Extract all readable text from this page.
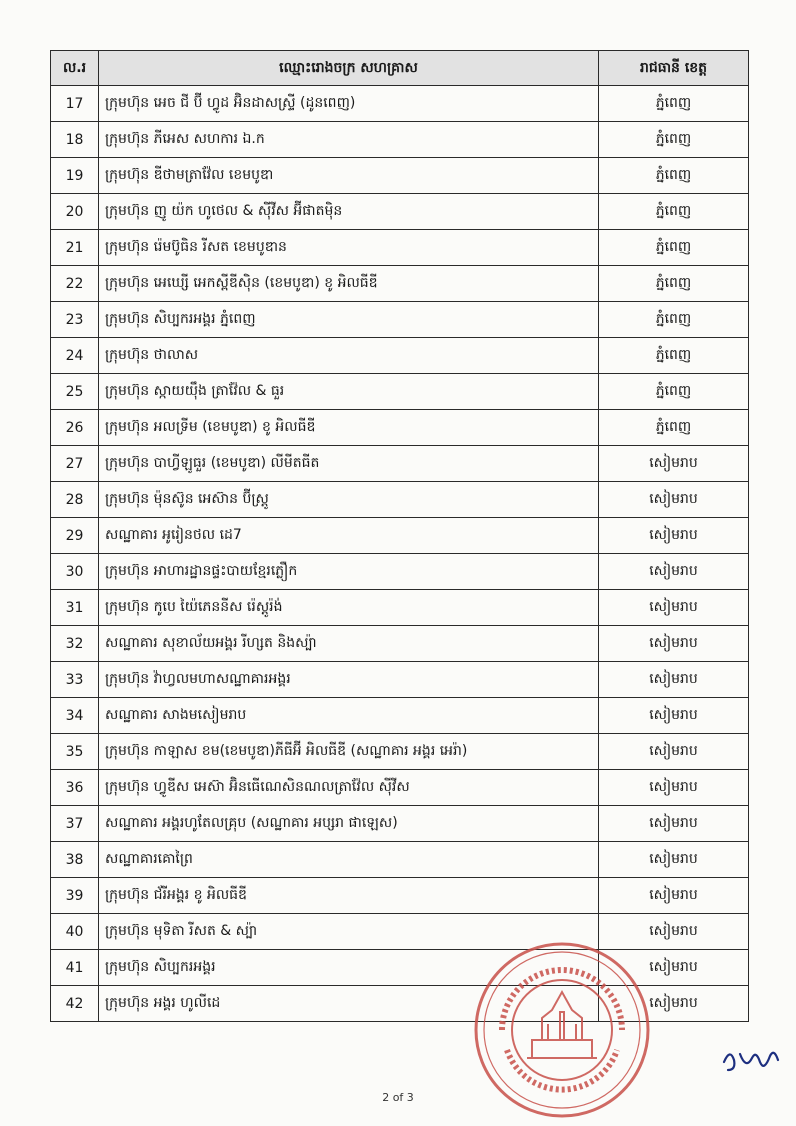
ល.រ	ឈ្មោះរោងចក្រ សហគ្រាស	រាជធានី ខេត្ត
17	ក្រុមហ៊ុន អេច ជី ប៊ី ហ្វូដ អ៊ិនដាសស្ទ្រី (ដូនពេញ)	ភ្នំពេញ
18	ក្រុមហ៊ុន ភីអេស សហការ ឯ.ក	ភ្នំពេញ
19	ក្រុមហ៊ុន ឌីថាមត្រាវ៉ែល ខេមបូឌា	ភ្នំពេញ
20	ក្រុមហ៊ុន ញូ យ៉ក ហូថេល & ស៊ីវីស អ៊ីផាតម៉ិន	ភ្នំពេញ
21	ក្រុមហ៊ុន រ៉េមប៊ូធិន រីសត ខេមបូឌាន	ភ្នំពេញ
22	ក្រុមហ៊ុន អេឃ្សើ អេកស្ពីឌីស៊ិន (ខេមបូឌា) ខូ អិលធីឌី	ភ្នំពេញ
23	ក្រុមហ៊ុន សិប្បករអង្គរ ភ្នំពេញ	ភ្នំពេញ
24	ក្រុមហ៊ុន ថាលាស	ភ្នំពេញ
25	ក្រុមហ៊ុន ស្កាយយ៉ឹង ត្រាវ៉ែល & ធួរ	ភ្នំពេញ
26	ក្រុមហ៊ុន អលទ្រីម (ខេមបូឌា) ខូ អិលធីឌី	ភ្នំពេញ
27	ក្រុមហ៊ុន បាហ្វីឡូធួរ (ខេមបូឌា) លីមីតធីត	សៀមរាប
28	ក្រុមហ៊ុន ម៉ុនស៊ូន អេស៊ាន ប៊ីស្ត្រូ	សៀមរាប
29	សណ្ឋាគារ អូរៀនថល ដេ7	សៀមរាប
30	ក្រុមហ៊ុន អាហារដ្ឋានផ្ទះបាយខ្មែរភ្លឿក	សៀមរាប
31	ក្រុមហ៊ុន កូបេ យ៉ៃភេននីស រ៉េស្តូរ៉ង់	សៀមរាប
32	សណ្ឋាគារ សុខាល័យអង្គរ រីហ្សត និងស្ប៉ា	សៀមរាប
33	ក្រុមហ៊ុន វ៉ាហ្វលមហាសណ្ឋាគារអង្គរ	សៀមរាប
34	សណ្ឋាគារ សាងមសៀមរាប	សៀមរាប
35	ក្រុមហ៊ុន កាឡាស ខម(ខេមបូឌា)ភីធីអ៊ី អិលធីឌី (សណ្ឋាគារ អង្គរ អេរ៉ា)	សៀមរាប
36	ក្រុមហ៊ុន ហ្វូឌីស អេស៊ា អ៊ិនធើណេសិនណលត្រាវ៉ែល ស៊ីវីស	សៀមរាប
37	សណ្ឋាគារ អង្គរហូតែលគ្រុប (សណ្ឋាគារ អប្សរា ផាឡេស)	សៀមរាប
38	សណ្ឋាគារគោព្រៃ	សៀមរាប
39	ក្រុមហ៊ុន ជ័រីអង្គរ ខូ អិលធីឌី	សៀមរាប
40	ក្រុមហ៊ុន មុទិតា រីសត & ស្ប៉ា	សៀមរាប
41	ក្រុមហ៊ុន សិប្បករអង្គរ	សៀមរាប
42	ក្រុមហ៊ុន អង្គរ ហូលីដេ	សៀមរាប
2 of 3
